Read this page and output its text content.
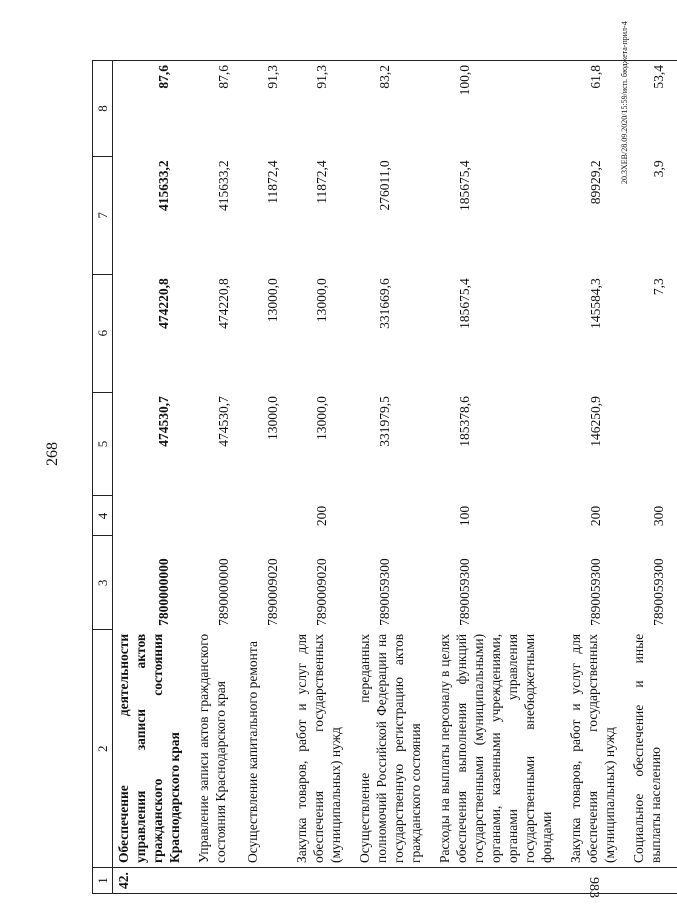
268
983
20.3XEB/28.09.2020/15:59/исп. бюджета-прил-4
1	2	3	4	5	6	7	8
42.	Обеспечение деятельности управления записи актов гражданского состояния Краснодарского края	7800000000		474530,7	474220,8	415633,2	87,6
	Управление записи актов гражданского состояния Краснодарского края	7890000000		474530,7	474220,8	415633,2	87,6
	Осуществление капитального ремонта	7890009020		13000,0	13000,0	11872,4	91,3
	Закупка товаров, работ и услуг для обеспечения государственных (муниципальных) нужд	7890009020	200	13000,0	13000,0	11872,4	91,3
	Осуществление переданных полномочий Российской Федерации на государственную регистрацию актов гражданского состояния	7890059300		331979,5	331669,6	276011,0	83,2
	Расходы на выплаты персоналу в целях обеспечения выполнения функций государственными (муниципальными) органами, казенными учреждениями, органами управления государственными внебюджетными фондами	7890059300	100	185378,6	185675,4	185675,4	100,0
	Закупка товаров, работ и услуг для обеспечения государственных (муниципальных) нужд	7890059300	200	146250,9	145584,3	89929,2	61,8
	Социальное обеспечение и иные выплаты населению	7890059300	300		7,3	3,9	53,4
